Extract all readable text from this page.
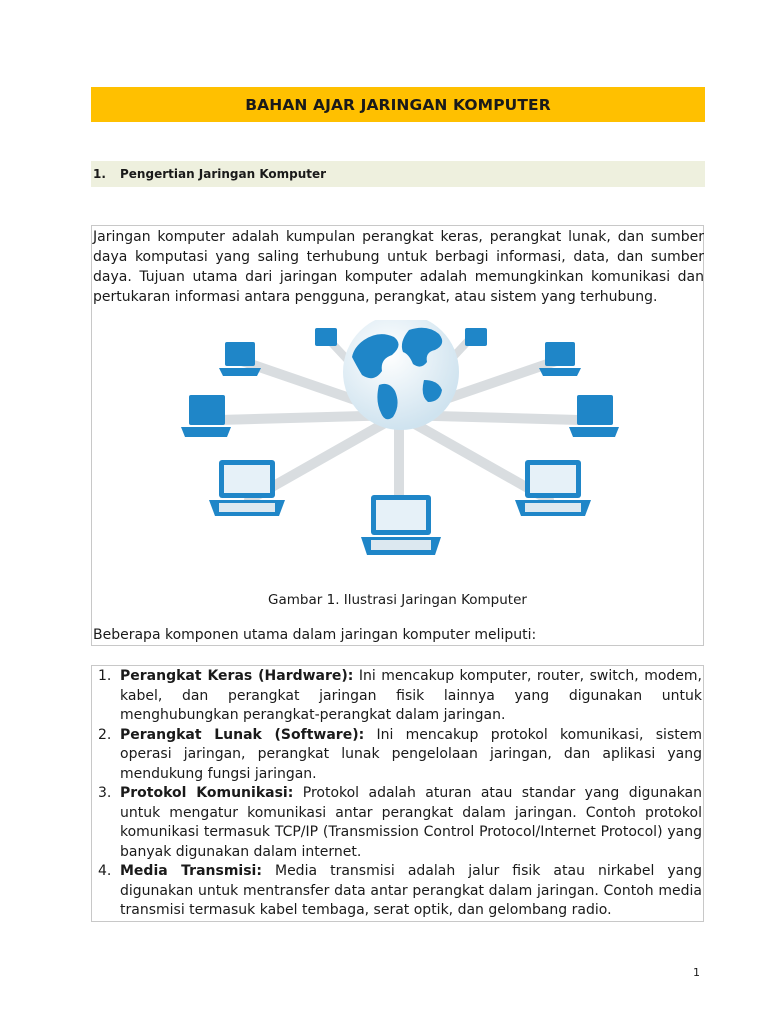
BAHAN AJAR JARINGAN KOMPUTER
1. Pengertian Jaringan Komputer

Jaringan komputer adalah kumpulan perangkat keras, perangkat lunak, dan sumber daya komputasi yang saling terhubung untuk berbagi informasi, data, dan sumber daya. Tujuan utama dari jaringan komputer adalah memungkinkan komunikasi dan pertukaran informasi antara pengguna, perangkat, atau sistem yang terhubung.

Gambar 1. Ilustrasi Jaringan Komputer
Beberapa komponen utama dalam jaringan komputer meliputi:
1. Perangkat Keras (Hardware): Ini mencakup komputer, router, switch, modem, kabel, dan perangkat jaringan fisik lainnya yang digunakan untuk menghubungkan perangkat-perangkat dalam jaringan.
2. Perangkat Lunak (Software): Ini mencakup protokol komunikasi, sistem operasi jaringan, perangkat lunak pengelolaan jaringan, dan aplikasi yang mendukung fungsi jaringan.
3. Protokol Komunikasi: Protokol adalah aturan atau standar yang digunakan untuk mengatur komunikasi antar perangkat dalam jaringan. Contoh protokol komunikasi termasuk TCP/IP (Transmission Control Protocol/Internet Protocol) yang banyak digunakan dalam internet.
4. Media Transmisi: Media transmisi adalah jalur fisik atau nirkabel yang digunakan untuk mentransfer data antar perangkat dalam jaringan. Contoh media transmisi termasuk kabel tembaga, serat optik, dan gelombang radio.
1
